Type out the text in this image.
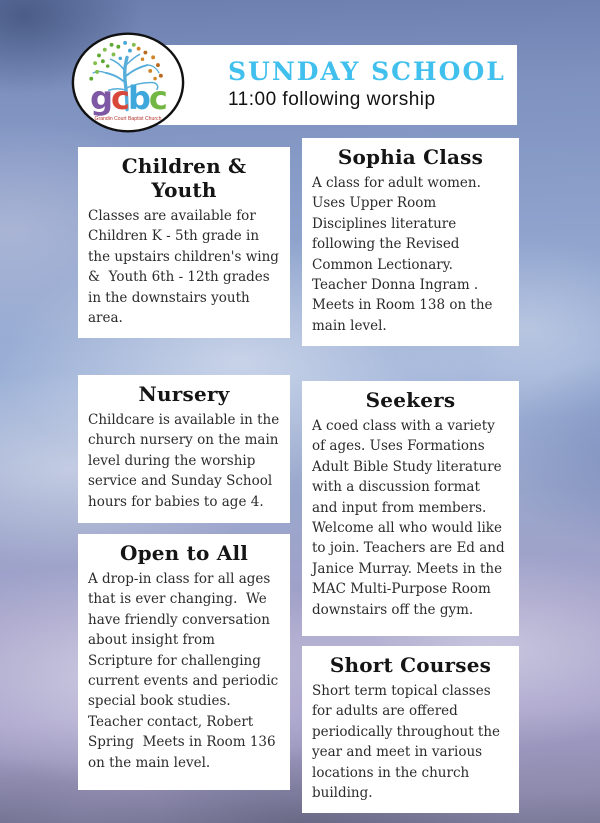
SUNDAY SCHOOL

11:00 following worship

gcbc
Grandin Court Baptist Church
Children & Youth

Classes are available for Children K - 5th grade in the upstairs children's wing  &  Youth 6th - 12th grades in the downstairs youth area.

Sophia Class

A class for adult women. Uses Upper Room Disciplines literature following the Revised Common Lectionary. Teacher Donna Ingram . Meets in Room 138 on the main level.

Nursery

Childcare is available in the church nursery on the main level during the worship service and Sunday School hours for babies to age 4.

Seekers

A coed class with a variety of ages. Uses Formations Adult Bible Study literature with a discussion format and input from members. Welcome all who would like to join. Teachers are Ed and Janice Murray. Meets in the MAC Multi-Purpose Room downstairs off the gym.

Open to All

A drop-in class for all ages that is ever changing.  We have friendly conversation about insight from Scripture for challenging current events and periodic special book studies. Teacher contact, Robert Spring  Meets in Room 136 on the main level.

Short Courses

Short term topical classes for adults are offered periodically throughout the year and meet in various locations in the church building.
